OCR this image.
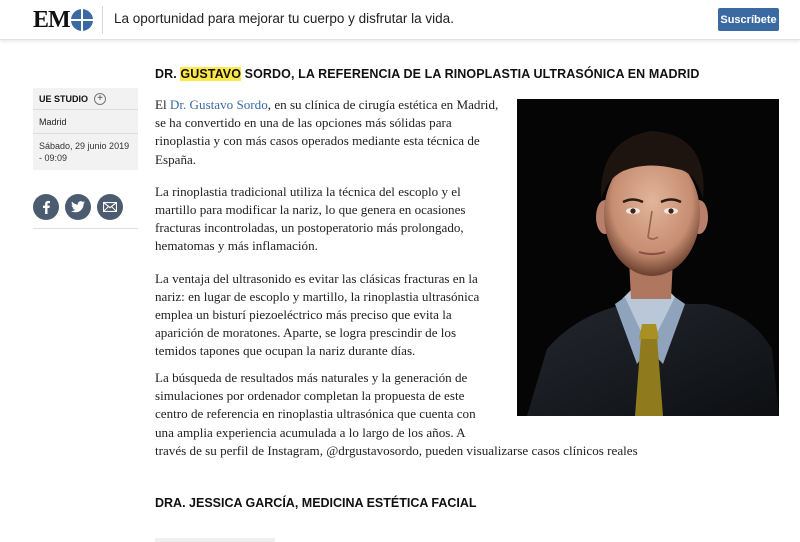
EM	La oportunidad para mejorar tu cuerpo y disfrutar la vida.	Suscríbete
UE STUDIO +
Madrid
Sábado, 29 junio 2019 - 09:09
DR. GUSTAVO SORDO, LA REFERENCIA DE LA RINOPLASTIA ULTRASÓNICA EN MADRID

El Dr. Gustavo Sordo, en su clínica de cirugía estética en Madrid, se ha convertido en una de las opciones más sólidas para rinoplastia y con más casos operados mediante esta técnica de España.

La rinoplastia tradicional utiliza la técnica del escoplo y el martillo para modificar la nariz, lo que genera en ocasiones fracturas incontroladas, un postoperatorio más prolongado, hematomas y más inflamación.

La ventaja del ultrasonido es evitar las clásicas fracturas en la nariz: en lugar de escoplo y martillo, la rinoplastia ultrasónica emplea un bisturí piezoeléctrico más preciso que evita la aparición de moratones. Aparte, se logra prescindir de los temidos tapones que ocupan la nariz durante días.

La búsqueda de resultados más naturales y la generación de
simulaciones por ordenador completan la propuesta de este
centro de referencia en rinoplastia ultrasónica que cuenta con
una amplia experiencia acumulada a lo largo de los años. A
través de su perfil de Instagram, @drgustavosordo, pueden visualizarse casos clínicos reales
DRA. JESSICA GARCÍA, MEDICINA ESTÉTICA FACIAL
